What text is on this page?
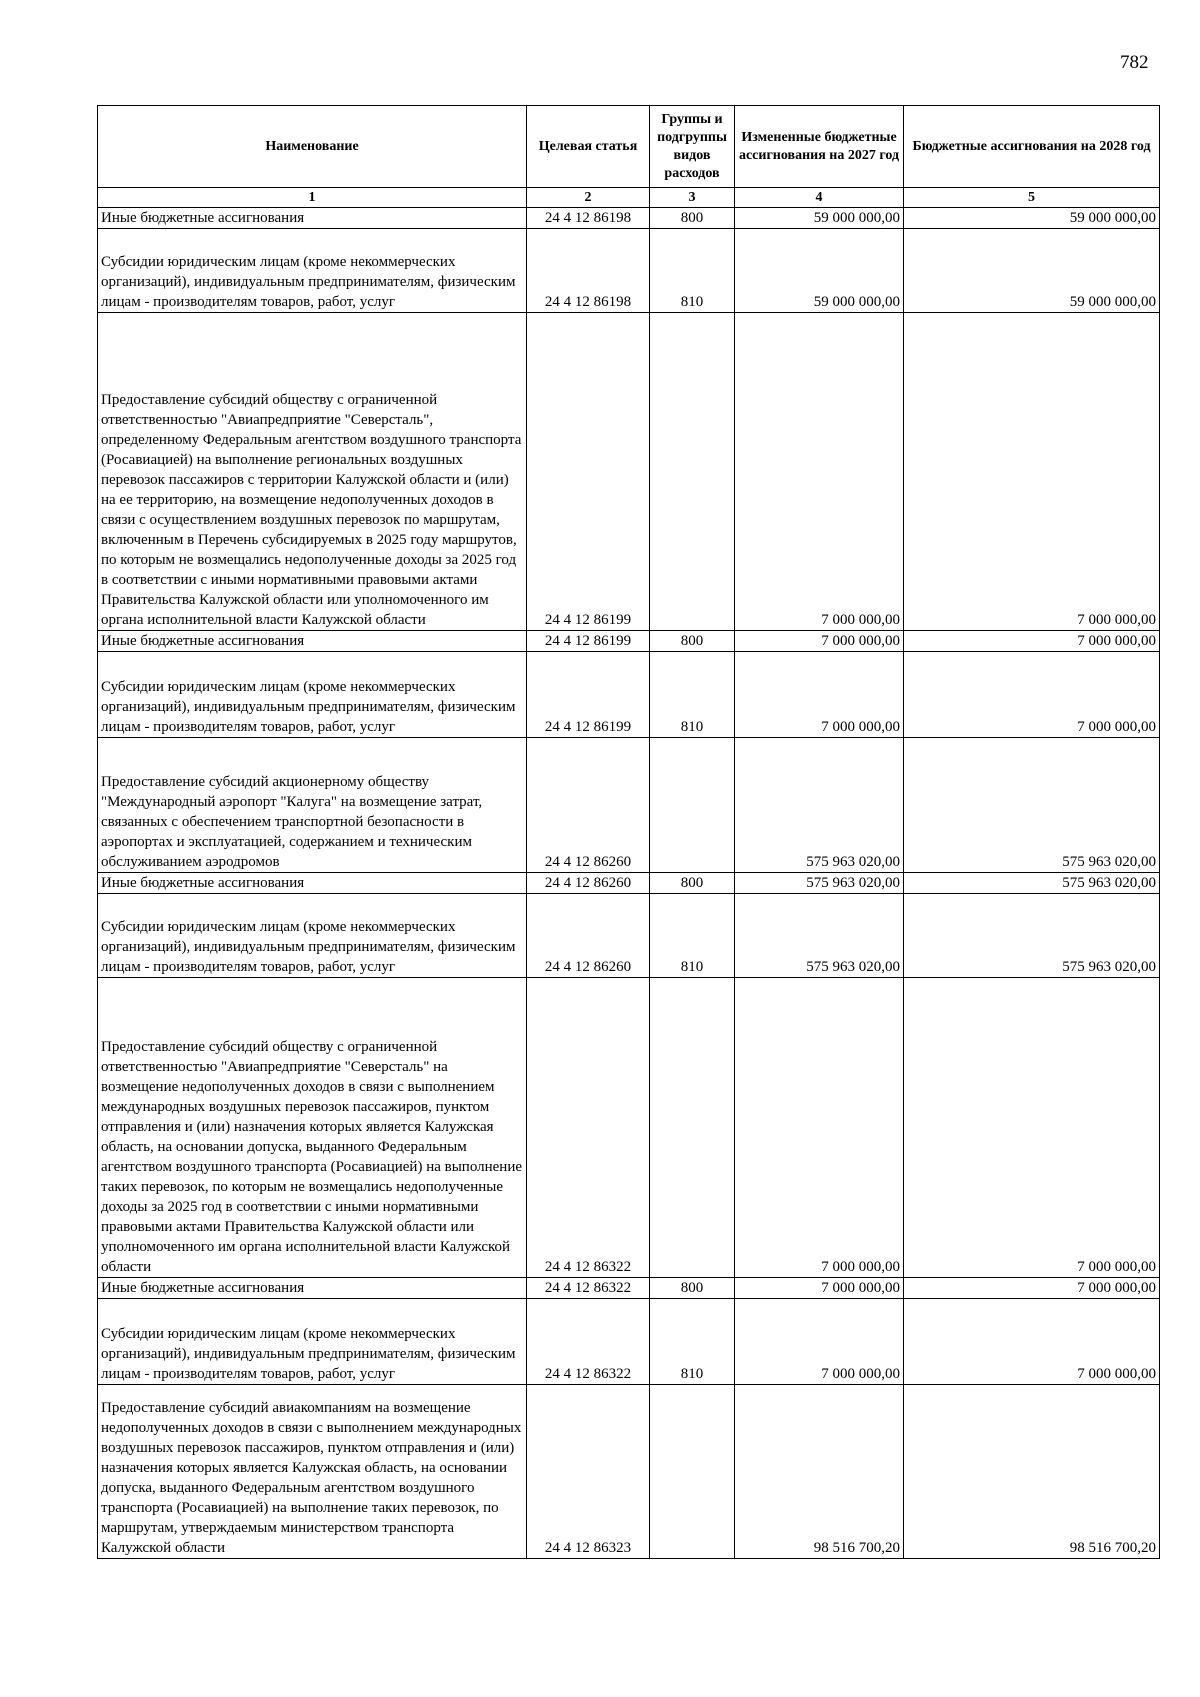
782
Наименование	Целевая статья	Группы и подгруппы видов расходов	Измененные бюджетные ассигнования на 2027 год	Бюджетные ассигнования на 2028 год
1	2	3	4	5
Иные бюджетные ассигнования	24 4 12 86198	800	59 000 000,00	59 000 000,00
Субсидии юридическим лицам (кроме некоммерческих организаций), индивидуальным предпринимателям, физическим лицам - производителям товаров, работ, услуг	24 4 12 86198	810	59 000 000,00	59 000 000,00
Предоставление субсидий обществу с ограниченной ответственностью "Авиапредприятие "Северсталь", определенному Федеральным агентством воздушного транспорта (Росавиацией) на выполнение региональных воздушных перевозок пассажиров с территории Калужской области и (или) на ее территорию, на возмещение недополученных доходов в связи с осуществлением воздушных перевозок по маршрутам, включенным в Перечень субсидируемых в 2025 году маршрутов, по которым не возмещались недополученные доходы за 2025 год в соответствии с иными нормативными правовыми актами Правительства Калужской области или уполномоченного им органа исполнительной власти Калужской области	24 4 12 86199		7 000 000,00	7 000 000,00
Иные бюджетные ассигнования	24 4 12 86199	800	7 000 000,00	7 000 000,00
Субсидии юридическим лицам (кроме некоммерческих организаций), индивидуальным предпринимателям, физическим лицам - производителям товаров, работ, услуг	24 4 12 86199	810	7 000 000,00	7 000 000,00
Предоставление субсидий акционерному обществу "Международный аэропорт "Калуга" на возмещение затрат, связанных с обеспечением транспортной безопасности в аэропортах и эксплуатацией, содержанием и техническим обслуживанием аэродромов	24 4 12 86260		575 963 020,00	575 963 020,00
Иные бюджетные ассигнования	24 4 12 86260	800	575 963 020,00	575 963 020,00
Субсидии юридическим лицам (кроме некоммерческих организаций), индивидуальным предпринимателям, физическим лицам - производителям товаров, работ, услуг	24 4 12 86260	810	575 963 020,00	575 963 020,00
Предоставление субсидий обществу с ограниченной ответственностью "Авиапредприятие "Северсталь" на возмещение недополученных доходов в связи с выполнением международных воздушных перевозок пассажиров, пунктом отправления и (или) назначения которых является Калужская область, на основании допуска, выданного Федеральным агентством воздушного транспорта (Росавиацией) на выполнение таких перевозок, по которым не возмещались недополученные доходы за 2025 год в соответствии с иными нормативными правовыми актами Правительства Калужской области или уполномоченного им органа исполнительной власти Калужской области	24 4 12 86322		7 000 000,00	7 000 000,00
Иные бюджетные ассигнования	24 4 12 86322	800	7 000 000,00	7 000 000,00
Субсидии юридическим лицам (кроме некоммерческих организаций), индивидуальным предпринимателям, физическим лицам - производителям товаров, работ, услуг	24 4 12 86322	810	7 000 000,00	7 000 000,00
Предоставление субсидий авиакомпаниям на возмещение недополученных доходов в связи с выполнением международных воздушных перевозок пассажиров, пунктом отправления и (или) назначения которых является Калужская область, на основании допуска, выданного Федеральным агентством воздушного транспорта (Росавиацией) на выполнение таких перевозок, по маршрутам, утверждаемым министерством транспорта Калужской области	24 4 12 86323		98 516 700,20	98 516 700,20
